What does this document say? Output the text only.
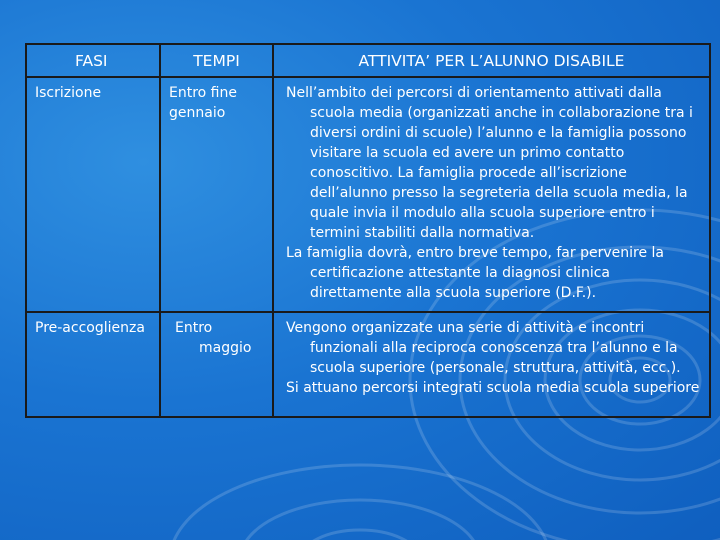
FASI	TEMPI	ATTIVITA’ PER L’ALUNNO DISABILE
Iscrizione	Entro fine gennaio	Nell’ambito dei percorsi di orientamento attivati dalla scuola media (organizzati anche in collaborazione tra i diversi ordini di scuole) l’alunno e la famiglia possono visitare la scuola ed avere un primo contatto conoscitivo. La famiglia procede all’iscrizione dell’alunno presso la segreteria della scuola media, la quale invia il modulo alla scuola superiore entro i termini stabiliti dalla normativa.

La famiglia dovrà, entro breve tempo, far pervenire la certificazione attestante la diagnosi clinica direttamente alla scuola superiore (D.F.).

Pre-accoglienza	Entro maggio	Vengono organizzate una serie di attività e incontri funzionali alla reciproca conoscenza tra l’alunno e la scuola superiore (personale, struttura, attività, ecc.).

Si attuano percorsi integrati scuola media scuola superiore
